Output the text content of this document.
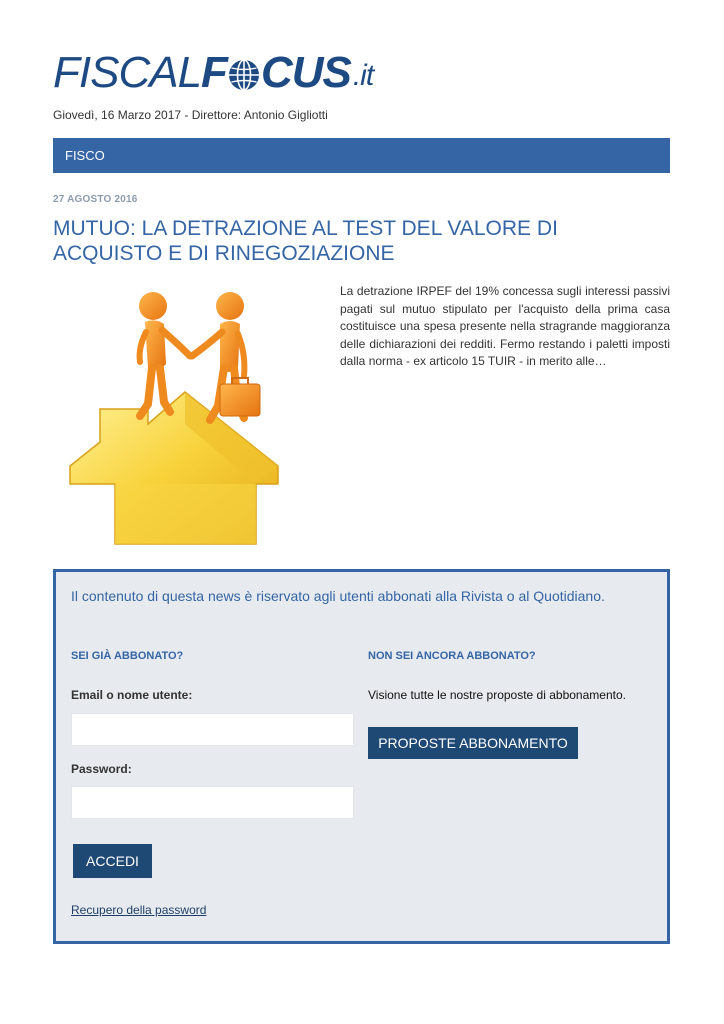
FISCAL F CUS .it
Giovedì, 16 Marzo 2017 - Direttore: Antonio Gigliotti
FISCO
27 AGOSTO 2016
MUTUO: LA DETRAZIONE AL TEST DEL VALORE DI ACQUISTO E DI RINEGOZIAZIONE

La detrazione IRPEF del 19% concessa sugli interessi passivi pagati sul mutuo stipulato per l'acquisto della prima casa costituisce una spesa presente nella stragrande maggioranza delle dichiarazioni dei redditi. Fermo restando i paletti imposti dalla norma - ex articolo 15 TUIR - in merito alle…

Il contenuto di questa news è riservato agli utenti abbonati alla Rivista o al Quotidiano.
SEI GIÀ ABBONATO?	NON SEI ANCORA ABBONATO?
Email o nome utente:
Password:
ACCEDI
Recupero della password
Visione tutte le nostre proposte di abbonamento.
PROPOSTE ABBONAMENTO
